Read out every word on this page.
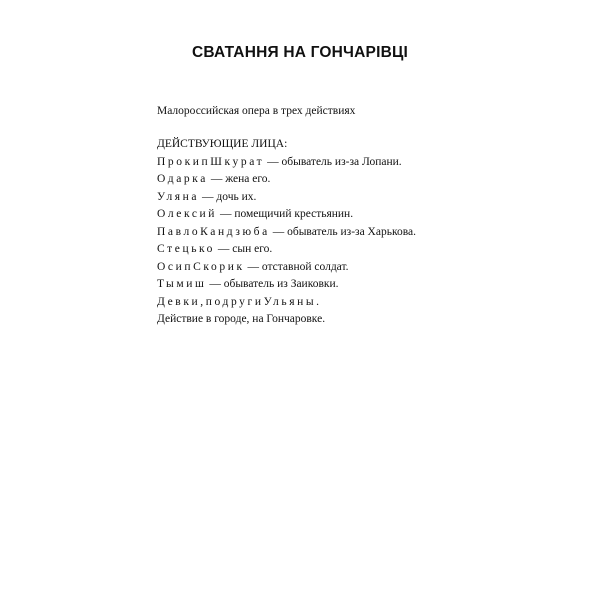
СВАТАННЯ НА ГОНЧАРІВЦІ
Малороссийская опера в трех действиях
ДЕЙСТВУЮЩИЕ ЛИЦА:
ПрокипШкурат — обыватель из-за Лопани.
Одарка — жена его.
Уляна — дочь их.
Олексий — помещичий крестьянин.
ПавлоКандзюба — обыватель из-за Харькова.
Стецько — сын его.
ОсипСкорик — отставной солдат.
Тымиш — обыватель из Заиковки.
Девки,подругиУльяны.
Действие в городе, на Гончаровке.
